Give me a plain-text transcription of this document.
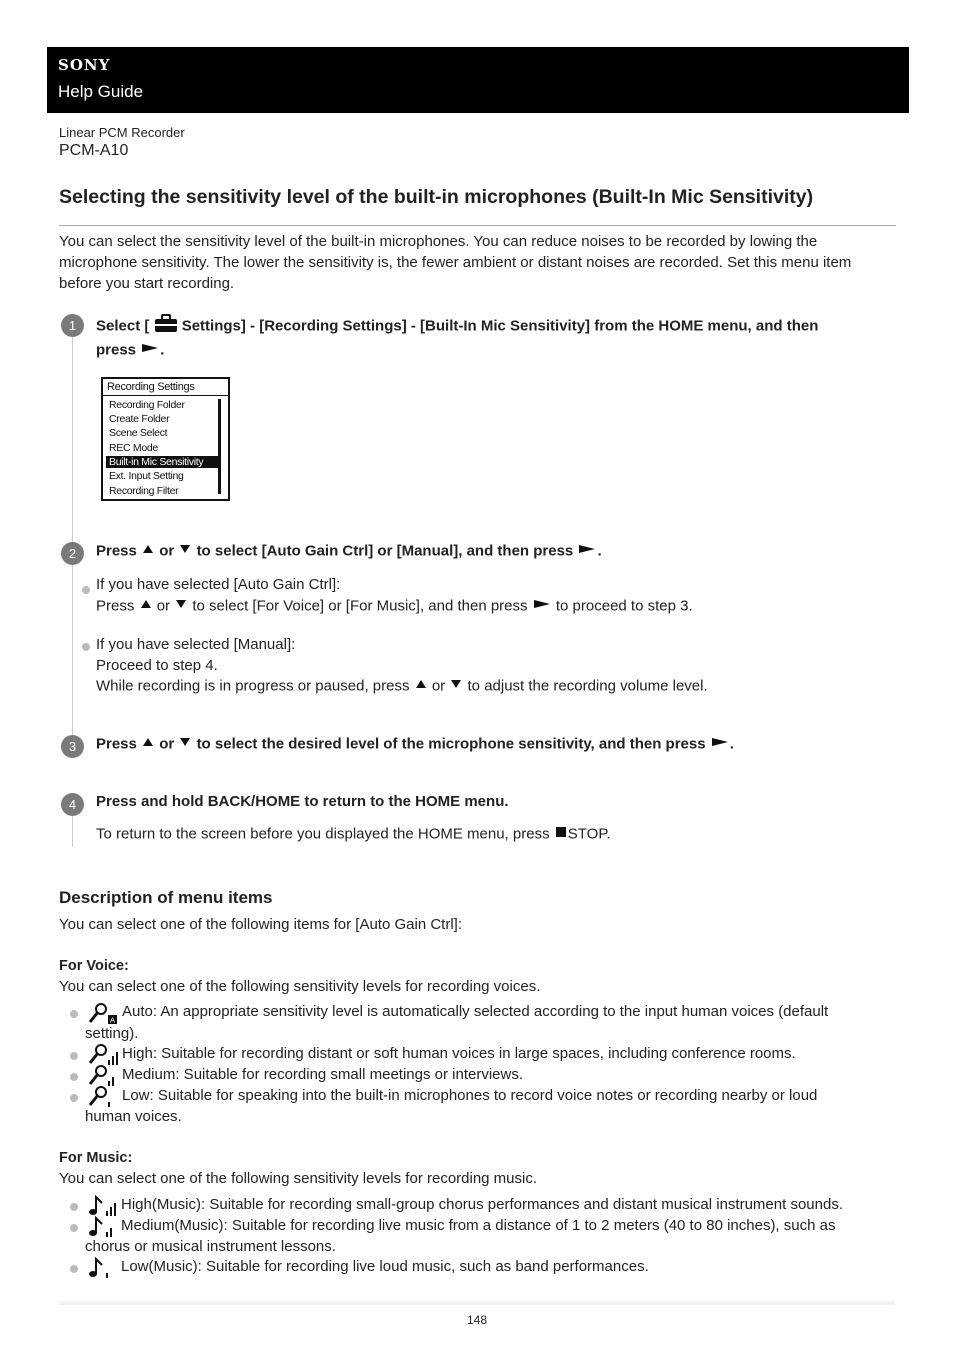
SONY
Help Guide
Linear PCM Recorder
PCM-A10
Selecting the sensitivity level of the built-in microphones (Built-In Mic Sensitivity)
You can select the sensitivity level of the built-in microphones. You can reduce noises to be recorded by lowing the microphone sensitivity. The lower the sensitivity is, the fewer ambient or distant noises are recorded. Set this menu item before you start recording.
1	Select [ Settings] - [Recording Settings] - [Built-In Mic Sensitivity] from the HOME menu, and then
press .
Recording Settings
Recording Folder
Create Folder
Scene Select
REC Mode
Built-in Mic Sensitivity
Ext. Input Setting
Recording Filter
2	Press or to select [Auto Gain Ctrl] or [Manual], and then press .
If you have selected [Auto Gain Ctrl]:
Press or to select [For Voice] or [For Music], and then press to proceed to step 3.
If you have selected [Manual]:
Proceed to step 4.
While recording is in progress or paused, press or to adjust the recording volume level.
3	Press or to select the desired level of the microphone sensitivity, and then press .
4	Press and hold BACK/HOME to return to the HOME menu.
To return to the screen before you displayed the HOME menu, press STOP.
Description of menu items
You can select one of the following items for [Auto Gain Ctrl]:
For Voice:
You can select one of the following sensitivity levels for recording voices.
A
Auto: An appropriate sensitivity level is automatically selected according to the input human voices (default
setting).
High: Suitable for recording distant or soft human voices in large spaces, including conference rooms.
Medium: Suitable for recording small meetings or interviews.
Low: Suitable for speaking into the built-in microphones to record voice notes or recording nearby or loud
human voices.
For Music:
You can select one of the following sensitivity levels for recording music.
High(Music): Suitable for recording small-group chorus performances and distant musical instrument sounds.
Medium(Music): Suitable for recording live music from a distance of 1 to 2 meters (40 to 80 inches), such as
chorus or musical instrument lessons.
Low(Music): Suitable for recording live loud music, such as band performances.
148
